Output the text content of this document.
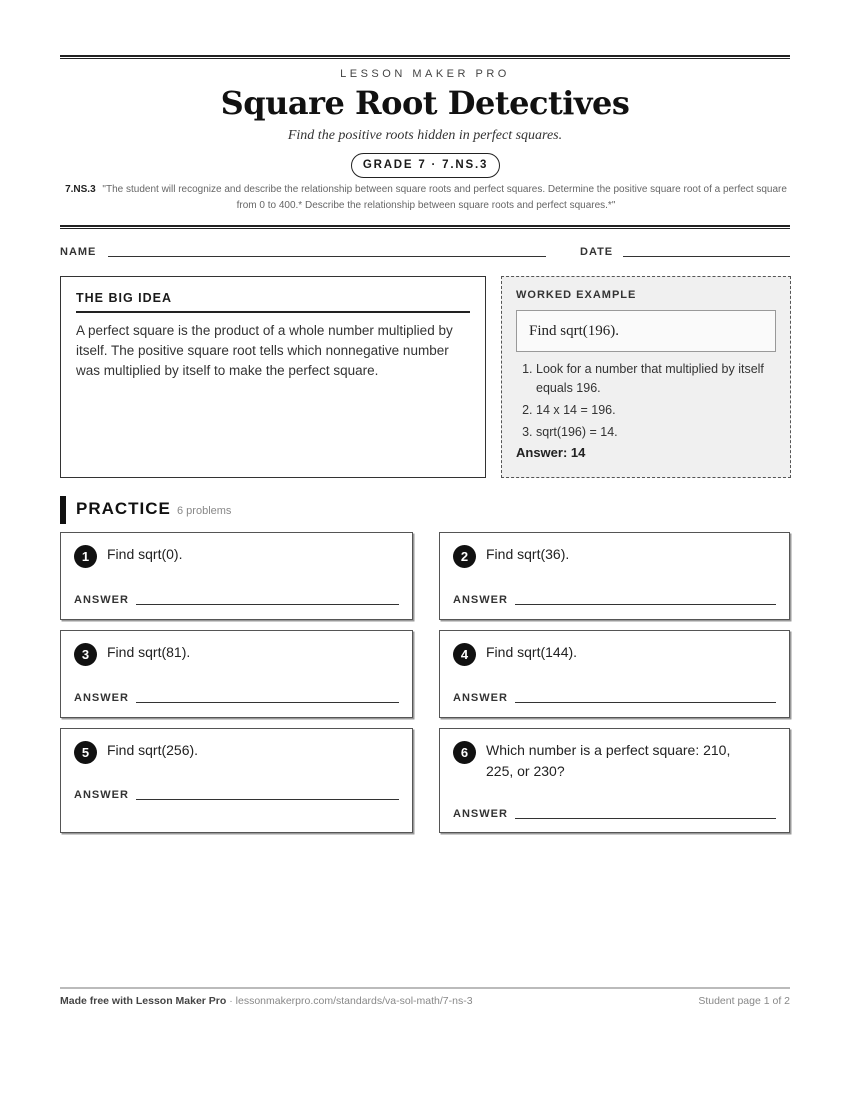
LESSON MAKER PRO
Square Root Detectives
Find the positive roots hidden in perfect squares.
GRADE 7 · 7.NS.3
7.NS.3 "The student will recognize and describe the relationship between square roots and perfect squares. Determine the positive square root of a perfect square from 0 to 400.* Describe the relationship between square roots and perfect squares.*"
NAME	DATE
THE BIG IDEA

A perfect square is the product of a whole number multiplied by itself. The positive square root tells which nonnegative number was multiplied by itself to make the perfect square.

WORKED EXAMPLE
Find sqrt(196).
1. Look for a number that multiplied by itself equals 196.
2. 14 x 14 = 196.
3. sqrt(196) = 14.
Answer: 14
PRACTICE 6 problems
1	Find sqrt(0).
ANSWER
2	Find sqrt(36).
ANSWER
3	Find sqrt(81).
ANSWER
4	Find sqrt(144).
ANSWER
5	Find sqrt(256).
ANSWER
6	Which number is a perfect square: 210, 225, or 230?
ANSWER
Made free with Lesson Maker Pro · lessonmakerpro.com/standards/va-sol-math/7-ns-3	Student page 1 of 2
